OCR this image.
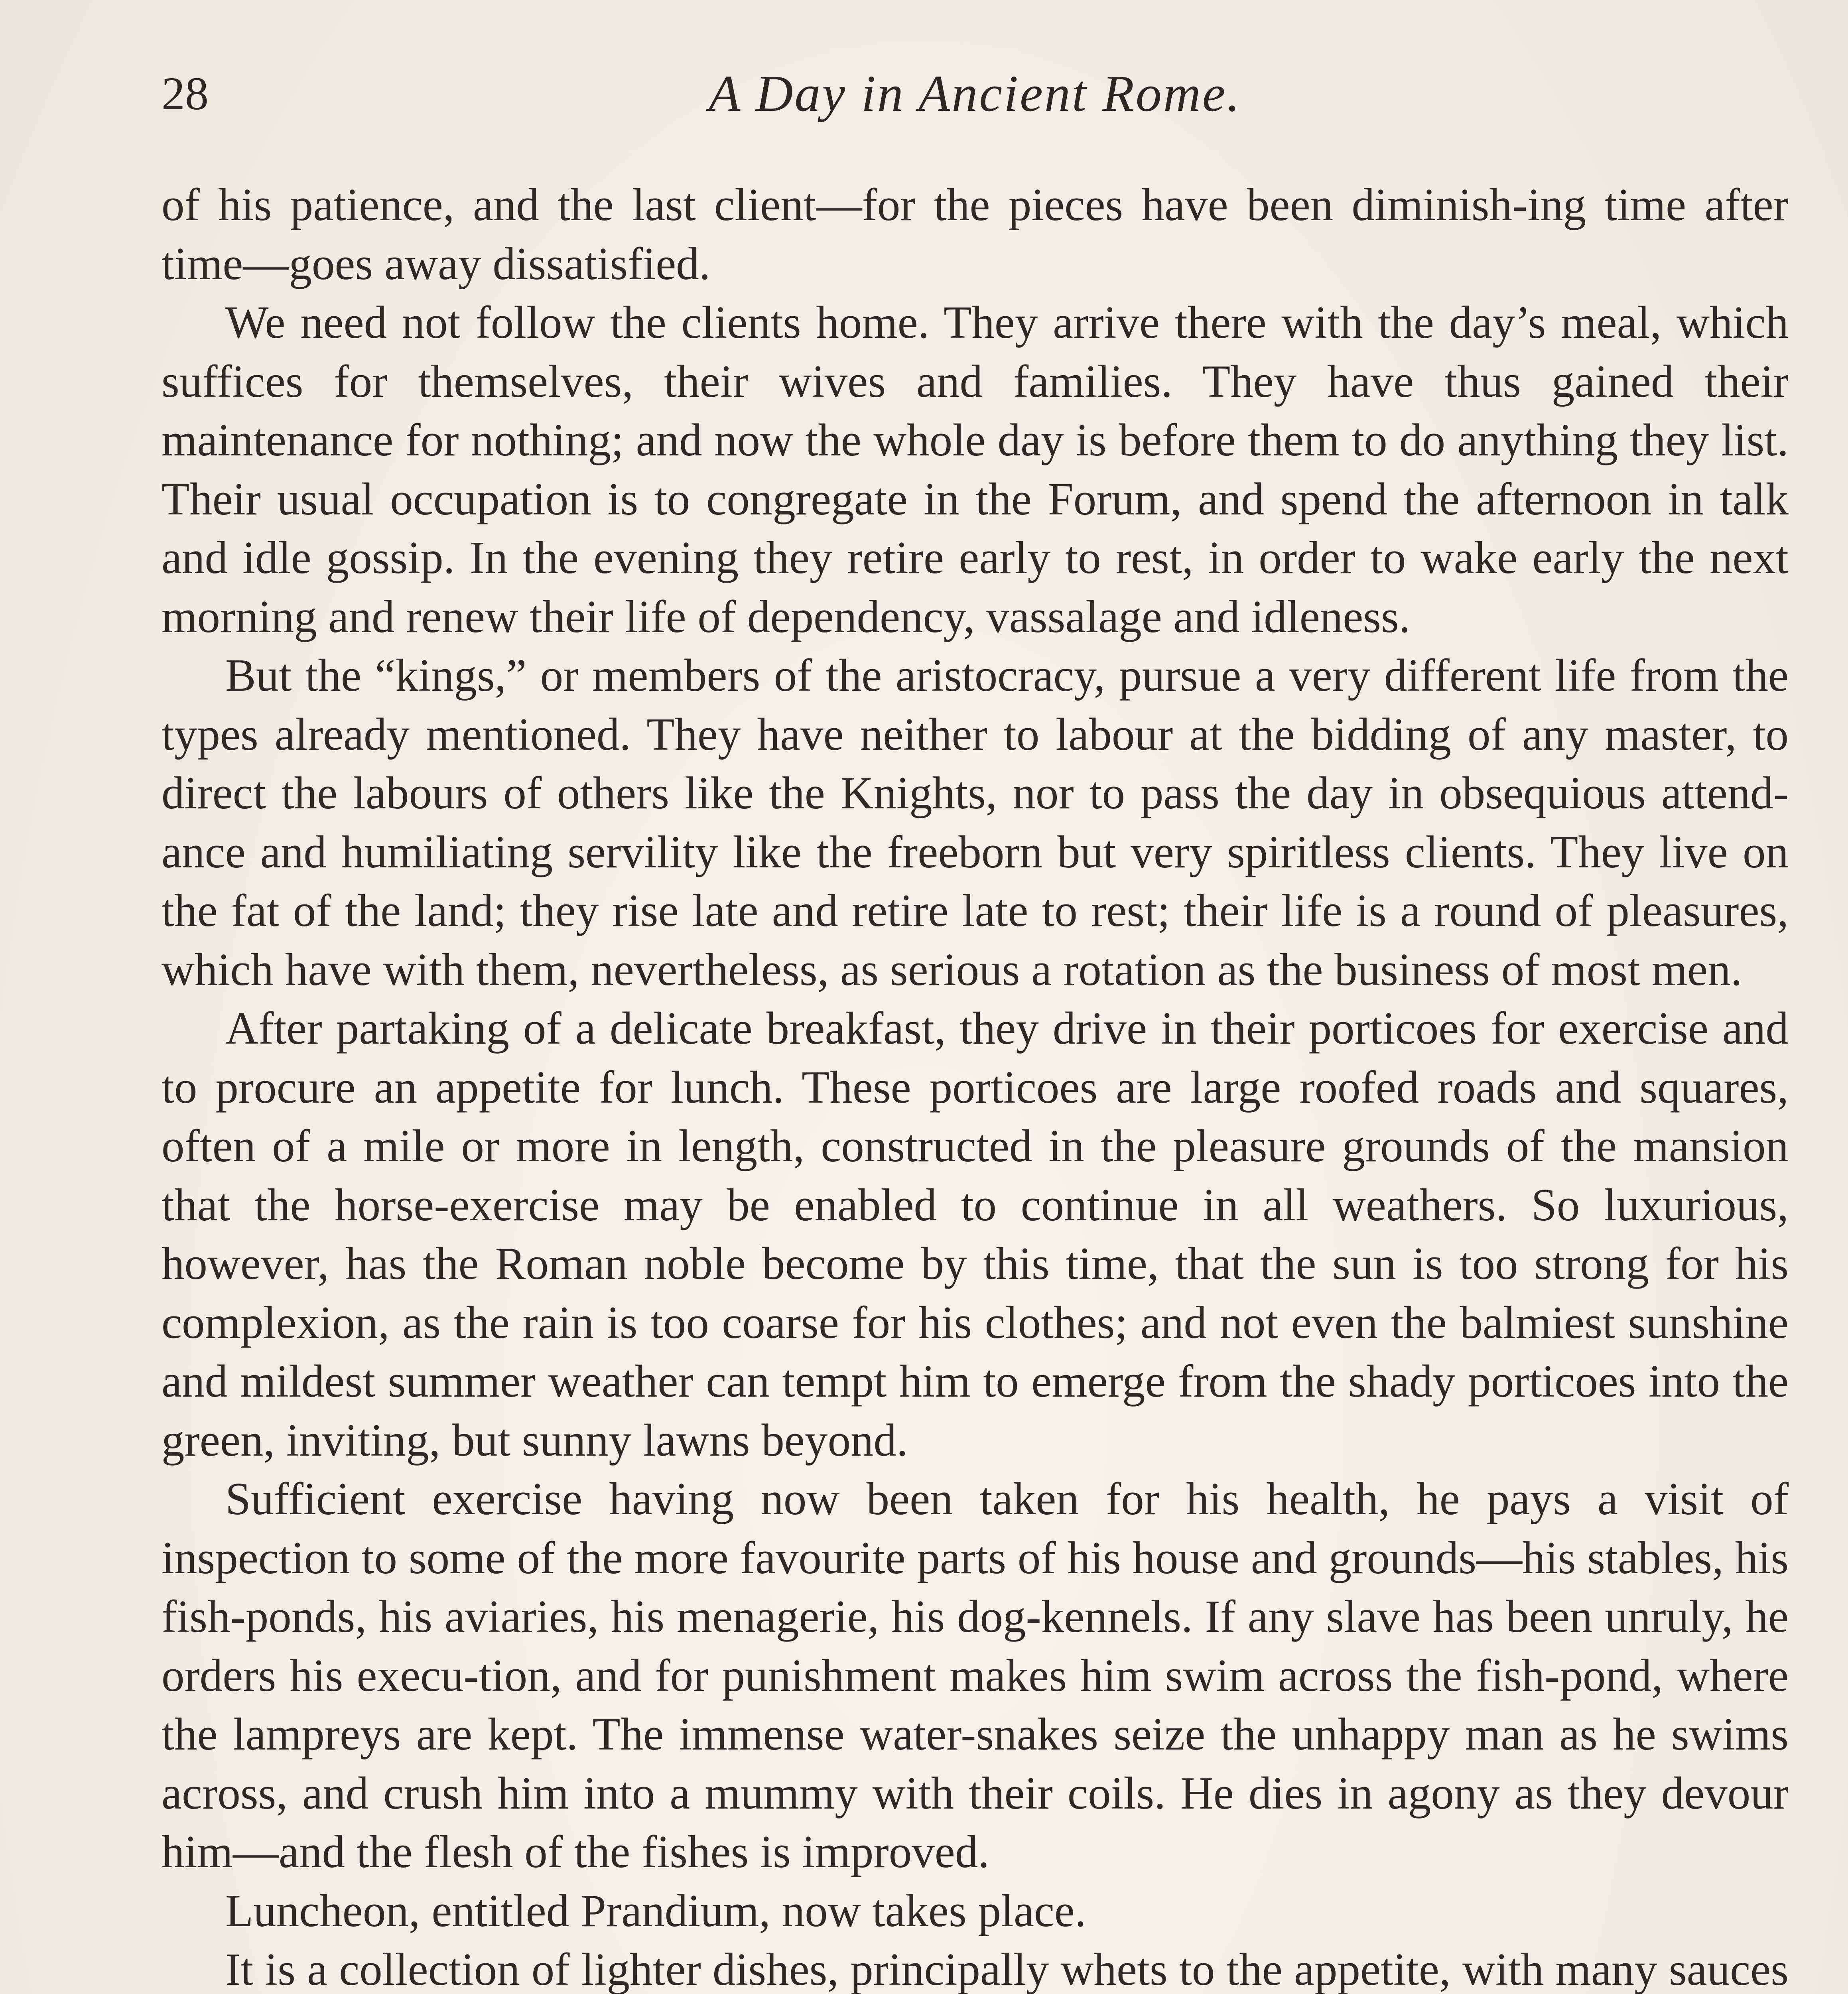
28	A Day in Ancient Rome.

of his patience, and the last client—for the pieces have been diminish-ing time after time—goes away dissatisfied.

We need not follow the clients home. They arrive there with the day’s meal, which suffices for themselves, their wives and families. They have thus gained their maintenance for nothing; and now the whole day is before them to do anything they list. Their usual occupation is to congregate in the Forum, and spend the afternoon in talk and idle gossip. In the evening they retire early to rest, in order to wake early the next morning and renew their life of dependency, vassalage and idleness.

But the “kings,” or members of the aristocracy, pursue a very different life from the types already mentioned. They have neither to labour at the bidding of any master, to direct the labours of others like the Knights, nor to pass the day in obsequious attend-ance and humiliating servility like the freeborn but very spiritless clients. They live on the fat of the land; they rise late and retire late to rest; their life is a round of pleasures, which have with them, nevertheless, as serious a rotation as the business of most men.

After partaking of a delicate breakfast, they drive in their porticoes for exercise and to procure an appetite for lunch. These porticoes are large roofed roads and squares, often of a mile or more in length, constructed in the pleasure grounds of the mansion that the horse-exercise may be enabled to continue in all weathers. So luxurious, however, has the Roman noble become by this time, that the sun is too strong for his complexion, as the rain is too coarse for his clothes; and not even the balmiest sunshine and mildest summer weather can tempt him to emerge from the shady porticoes into the green, inviting, but sunny lawns beyond.

Sufficient exercise having now been taken for his health, he pays a visit of inspection to some of the more favourite parts of his house and grounds—his stables, his fish-ponds, his aviaries, his menagerie, his dog-kennels. If any slave has been unruly, he orders his execu-tion, and for punishment makes him swim across the fish-pond, where the lampreys are kept. The immense water-snakes seize the unhappy man as he swims across, and crush him into a mummy with their coils. He dies in agony as they devour him—and the flesh of the fishes is improved.

Luncheon, entitled Prandium, now takes place.

It is a collection of lighter dishes, principally whets to the appetite, with many sauces
